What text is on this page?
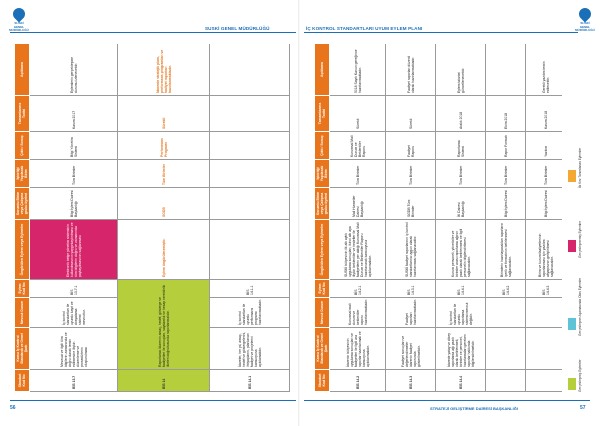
SUSKİ
GENEL MÜDÜRLÜĞÜ	SUSKİ GENEL MÜDÜRLÜĞÜ
Standart Kod No	Kamu İç Kontrol Standardı ve Genel Şartı	Mevcut Durum	Eylem Kod No	Öngörülen Eylem veya Eylemler	Sorumlu Birim veya Çalışma grubu üyeleri	İşbirliği Yapılacak Birim	Çıktı / Sonuç	Tamamlanma Tarihi	Açıklama
BİS 13.7	Mevzuat ve ilgili tüm bilgilerin zamanında ve doğru olarak temin edilmesine ilişkin düzenleme ve prosedürlerin oluşturulması	İç kontrol standartları ile uyumlu kayıt ve dosyalama sistemi mevcuttur.	BİS 13.7.1	Elektronik belge yönetim sisteminin kullanılmasının yaygınlaştırılması ve tüm bilgilerin doğru ve zamanında paylaşılmasının sağlanması	Bilgi İşlem Dairesi Başkanlığı	Tüm Birimler	Bilgi Yönetim Sistemi	Kasım 2017	Eylemlerin gerçekleşme durumu izlenecektir.
BİS 14	Raporlama: İdarenin amaç, hedef, gösterge ve faaliyetleri ile sonuçları, saydamlık ve hesap verebilirlik ilkeleri doğrultusunda raporlanmalıdır.			Eylem öngörülmemiştir.	SGDB	Tüm Birimler	Performans Programı	Sürekli	İdarenin stratejik planı, performans programları ve faaliyet raporları hazırlanmaktadır.
BİS 14.1	İdareler, her yıl, amaç, hedef ve göstergelerini, ihtiyaçlarını, planlanan faaliyet ve projelerini kamuoyuna açıklamalıdır.	İç kontrol standartları ile uyumlu performans programı hazırlanmaktadır.	BİS 14.1.1						
56
İÇ KONTROL STANDARTLARI UYUM EYLEM PLANI
SUSKİ
GENEL MÜDÜRLÜĞÜ
Standart Kod No	Kamu İç Kontrol Standardı ve Genel Şartı	Mevcut Durum	Eylem Kod No	Öngörülen Eylem veya Eylemler	Sorumlu Birim veya Çalışma grubu üyeleri	İşbirliği Yapılacak Birim	Çıktı / Sonuç	Tamamlanma Tarihi	Açıklama
BİS 14.2	İdarenin bütçesinin uygulama sonuçları ve faaliyetleri ile ilgili ara raporlar hazırlanmalı ve kamuoyuna açıklanmalıdır.	Kurumsal mali durum ve beklentiler raporu hazırlanmaktadır.	BİS 14.2.1	SUSKİ bütçesinin ilk altı aylık uygulama sonuçları, ikinci altı aya ilişkin beklentiler ve hedefler ile faaliyetlerin yer aldığı Kurumsal Mali Durum ve Beklentiler Raporu hazırlanarak kamuoyuna açıklanmalıdır.	Mali Hizmetler Dairesi Başkanlığı	Tüm Birimler	Kurumsal Mali Durum ve Beklentiler Raporu	Sürekli	5018 Sayılı Kanun gereğince hazırlanmaktadır.
BİS 14.3	Faaliyet sonuçları ve değerlendirmeler idarenin faaliyet raporunda gösterilmelidir.	Faaliyet raporları hazırlanmaktadır.	BİS 14.3.1	SUSKİ faaliyet raporlarının iç kontrol standartlarına uygun olarak hazırlanması sağlanacaktır.	SGDB Tüm Birimler	Tüm Birimler	Faaliyet Raporu	Sürekli	Faaliyet raporları düzenli olarak hazırlanmaktadır.
BİS 14.4	İdarede yatay ve dikey raporlama ağı yazılı olarak belirlenmeli, birimler ve personel, hazırlamaları gereken raporlar hakkında bilgilendirilmelidir.	İç kontrol standartları ile uyumlu raporlama sistemi mevcut değildir.	BİS 14.4.1	Kurum personeli, yöneticiler ve birimler arası raporlama ağının yazılı olarak belirlenmesi ve ilgili personelin bilgilendirilmesi sağlanacaktır.	İK Dairesi Başkanlığı	Tüm Birimler	Raporlama Sistemi	Aralık 2018	Eylem takvimi güncellenecektir.
			BİS 14.4.2	Birimlerin hazırlayacakları raporların içerik ve formatının belirlenmesi sağlanacaktır.	Bilgi İşlem Dairesi	Tüm Birimler	Rapor Formatı	Ekim 2018	
			BİS 14.4.3	Birim ve kurum faaliyetlerinin raporlanması için yazılım altyapısının geliştirilmesi sağlanacaktır.	Bilgi İşlem Dairesi	Tüm Birimler	Yazılım	Kasım 2018	Gerekli yazılım temin edilecektir.
Gerçekleşmiş Eylemler
Gerçekleşme Aşamasında Olan Eylemler
Gerçekleşmemiş Eylemler
İlk Kez Tanımlanan Eylemler
STRATEJİ GELİŞTİRME DAİRESİ BAŞKANLIĞI	57
